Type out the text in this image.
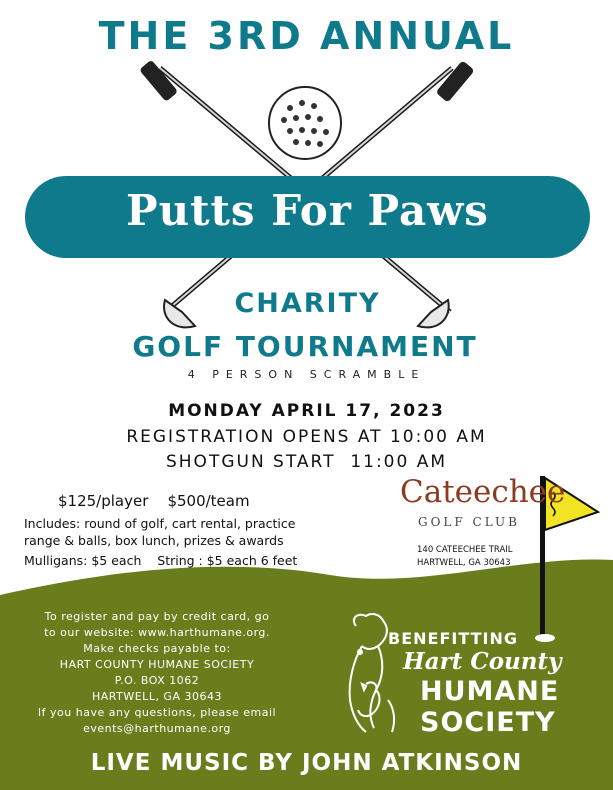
THE 3RD ANNUAL
Putts For Paws
CHARITY
GOLF TOURNAMENT
4 PERSON SCRAMBLE
MONDAY APRIL 17, 2023
REGISTRATION OPENS AT 10:00 AM
SHOTGUN START  11:00 AM
$125/player    $500/team
Includes: round of golf, cart rental, practice range & balls, box lunch, prizes & awards
Mulligans: $5 each    String : $5 each 6 feet
Cateechee
GOLF CLUB
140 CATEECHEE TRAIL
HARTWELL, GA 30643
To register and pay by credit card, go
to our website: www.harthumane.org.
Make checks payable to:
HART COUNTY HUMANE SOCIETY
P.O. BOX 1062
HARTWELL, GA 30643
If you have any questions, please email
events@harthumane.org
BENEFITTING
Hart County
HUMANE
SOCIETY
LIVE MUSIC BY JOHN ATKINSON
